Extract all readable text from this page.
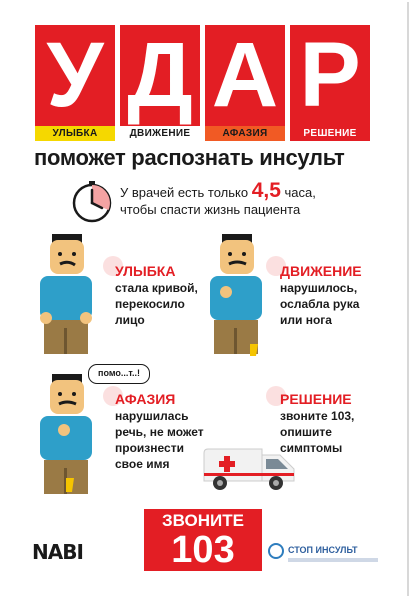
У Д А Р
УЛЫБКА	ДВИЖЕНИЕ	АФАЗИЯ	РЕШЕНИЕ
поможет распознать инсульт
У врачей есть только 4,5 часа,
чтобы спасти жизнь пациента
УЛЫБКА
стала кривой,
перекосило
лицо
ДВИЖЕНИЕ
нарушилось,
ослабла рука
или нога
помо...т..!
АФАЗИЯ
нарушилась
речь, не может
произнести
свое имя
РЕШЕНИЕ
звоните 103,
опишите
симптомы
ЗВОНИТЕ
103
NABI	СТОП ИНСУЛЬТ
